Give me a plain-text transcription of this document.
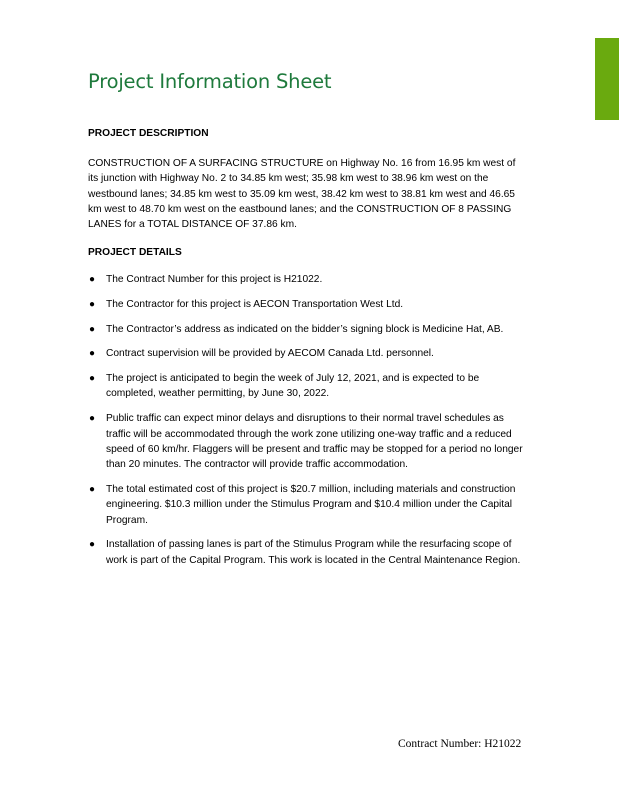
Project Information Sheet
PROJECT DESCRIPTION

CONSTRUCTION OF A SURFACING STRUCTURE on Highway No. 16 from 16.95 km west of its junction with Highway No. 2 to 34.85 km west; 35.98 km west to 38.96 km west on the westbound lanes; 34.85 km west to 35.09 km west, 38.42 km west to 38.81 km west and 46.65 km west to 48.70 km west on the eastbound lanes; and the CONSTRUCTION OF 8 PASSING LANES for a TOTAL DISTANCE OF 37.86 km.

PROJECT DETAILS
● The Contract Number for this project is H21022.
● The Contractor for this project is AECON Transportation West Ltd.
● The Contractor’s address as indicated on the bidder’s signing block is Medicine Hat, AB.
● Contract supervision will be provided by AECOM Canada Ltd. personnel.
● The project is anticipated to begin the week of July 12, 2021, and is expected to be completed, weather permitting, by June 30, 2022.
● Public traffic can expect minor delays and disruptions to their normal travel schedules as traffic will be accommodated through the work zone utilizing one-way traffic and a reduced speed of 60 km/hr. Flaggers will be present and traffic may be stopped for a period no longer than 20 minutes. The contractor will provide traffic accommodation.
● The total estimated cost of this project is $20.7 million, including materials and construction engineering. $10.3 million under the Stimulus Program and $10.4 million under the Capital Program.
● Installation of passing lanes is part of the Stimulus Program while the resurfacing scope of work is part of the Capital Program. This work is located in the Central Maintenance Region.

Contract Number: H21022
